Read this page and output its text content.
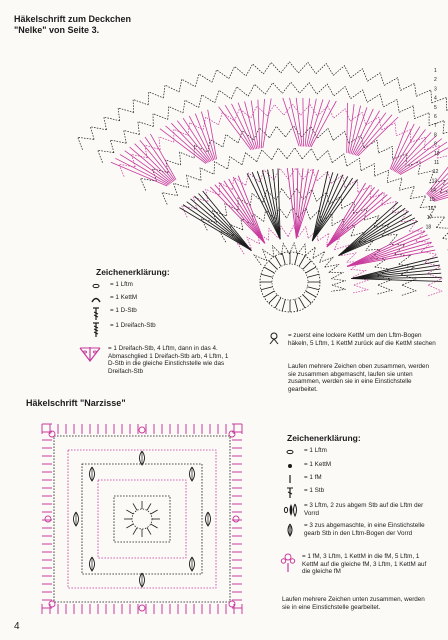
Häkelschrift zum Deckchen
"Nelke" von Seite 3.
1
2
3
4
5
6
7
8
9
10
11
12
13
14
15
16
17
18
Zeichenerklärung:
= 1 Lftm
= 1 KettM
= 1 D-Stb
= 1 Dreifach-Stb
= 1 Dreifach-Stb, 4 Lftm, dann in das 4. Abmaschglied 1 Dreifach-Stb arb, 4 Lftm, 1 D-Stb in die gleiche Einstichstelle wie das Dreifach-Stb
= zuerst eine lockere KettM um den Lftm-Bogen häkeln, 5 Lftm, 1 KettM zurück auf die KettM stechen
Laufen mehrere Zeichen oben zusammen, werden sie zusammen abgemascht, laufen sie unten zusammen, werden sie in eine Einstichstelle gearbeitet.
Häkelschrift "Narzisse"
Zeichenerklärung:
= 1 Lftm
= 1 KettM
= 1 fM
= 1 Stb
= 3 Lftm, 2 zus abgem Stb auf die Lftm der Vorrd
= 3 zus abgemaschte, in eine Einstichstelle gearb Stb in den Lftm-Bogen der Vorrd
= 1 fM, 3 Lftm, 1 KettM in die fM, 5 Lftm, 1 KettM auf die gleiche fM, 3 Lftm, 1 KettM auf die gleiche fM
Laufen mehrere Zeichen unten zusammen, werden sie in eine Einstichstelle gearbeitet.
4
